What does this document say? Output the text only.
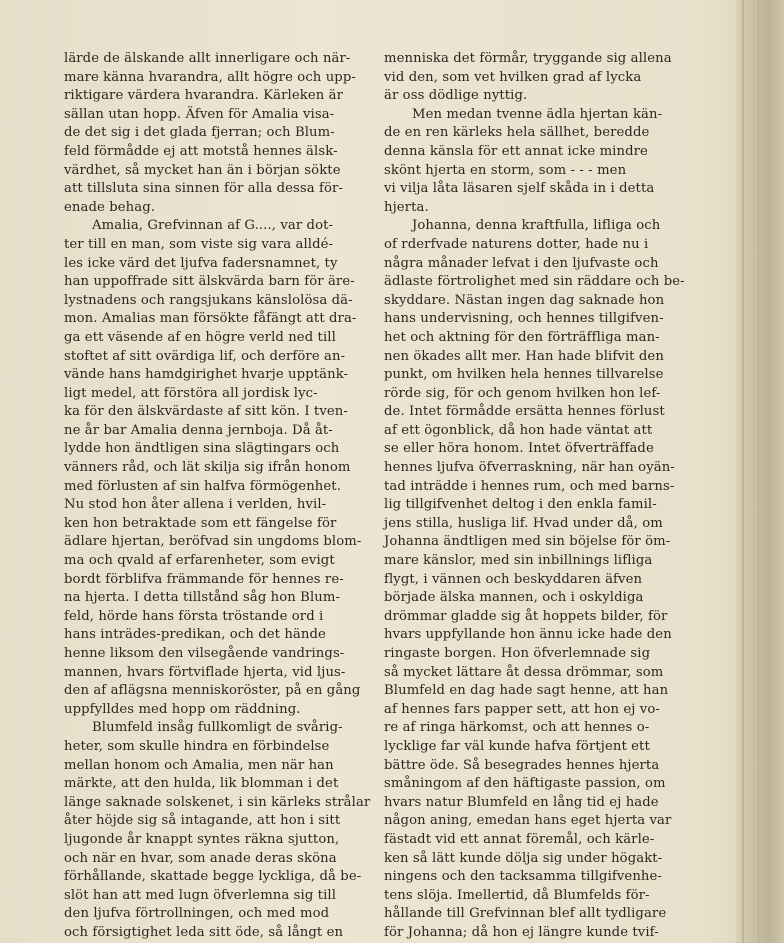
lärde de älskande allt innerligare och när-
mare känna hvarandra, allt högre och upp-
riktigare värdera hvarandra. Kärleken är
sällan utan hopp. Äfven för Amalia visa-
de det sig i det glada fjerran; och Blum-
feld förmådde ej att motstå hennes älsk-
värdhet, så mycket han än i början sökte
att tillsluta sina sinnen för alla dessa för-
enade behag.
Amalia, Grefvinnan af G...., var dot-
ter till en man, som viste sig vara alldé-
les icke värd det ljufva fadersnamnet, ty
han uppoffrade sitt älskvärda barn för äre-
lystnadens och rangsjukans känslolösa dä-
mon. Amalias man försökte fåfängt att dra-
ga ett väsende af en högre verld ned till
stoftet af sitt ovärdiga lif, och derföre an-
vände hans hamdgirighet hvarje upptänk-
ligt medel, att förstöra all jordisk lyc-
ka för den älskvärdaste af sitt kön. I tven-
ne år bar Amalia denna jernboja. Då åt-
lydde hon ändtligen sina slägtingars och
vänners råd, och lät skilja sig ifrån honom
med förlusten af sin halfva förmögenhet.
Nu stod hon åter allena i verlden, hvil-
ken hon betraktade som ett fängelse för
ädlare hjertan, beröfvad sin ungdoms blom-
ma och qvald af erfarenheter, som evigt
bordt förblifva främmande för hennes re-
na hjerta. I detta tillstånd såg hon Blum-
feld, hörde hans första tröstande ord i
hans inträdes-predikan, och det hände
henne liksom den vilsegående vandrings-
mannen, hvars förtviflade hjerta, vid ljus-
den af aflägsna menniskoröster, på en gång
uppfylldes med hopp om räddning.
Blumfeld insåg fullkomligt de svårig-
heter, som skulle hindra en förbindelse
mellan honom och Amalia, men när han
märkte, att den hulda, lik blomman i det
länge saknade solskenet, i sin kärleks strålar
åter höjde sig så intagande, att hon i sitt
ljugonde år knappt syntes räkna sjutton,
och när en hvar, som anade deras sköna
förhållande, skattade begge lyckliga, då be-
slöt han att med lugn öfverlemna sig till
den ljufva förtrollningen, och med mod
och försigtighet leda sitt öde, så långt en
menniska det förmår, tryggande sig allena
vid den, som vet hvilken grad af lycka
är oss dödlige nyttig.
Men medan tvenne ädla hjertan kän-
de en ren kärleks hela sällhet, beredde
denna känsla för ett annat icke mindre
skönt hjerta en storm, som - - - men
vi vilja låta läsaren sjelf skåda in i detta
hjerta.
Johanna, denna kraftfulla, lifliga och
of rderfvade naturens dotter, hade nu i
några månader lefvat i den ljufvaste och
ädlaste förtrolighet med sin räddare och be-
skyddare. Nästan ingen dag saknade hon
hans undervisning, och hennes tillgifven-
het och aktning för den förträffliga man-
nen ökades allt mer. Han hade blifvit den
punkt, om hvilken hela hennes tillvarelse
rörde sig, för och genom hvilken hon lef-
de. Intet förmådde ersätta hennes förlust
af ett ögonblick, då hon hade väntat att
se eller höra honom. Intet öfverträffade
hennes ljufva öfverraskning, när han oyän-
tad inträdde i hennes rum, och med barns-
lig tillgifvenhet deltog i den enkla famil-
jens stilla, husliga lif. Hvad under då, om
Johanna ändtligen med sin böjelse för öm-
mare känslor, med sin inbillnings lifliga
flygt, i vännen och beskyddaren äfven
började älska mannen, och i oskyldiga
drömmar gladde sig åt hoppets bilder, för
hvars uppfyllande hon ännu icke hade den
ringaste borgen. Hon öfverlemnade sig
så mycket lättare åt dessa drömmar, som
Blumfeld en dag hade sagt henne, att han
af hennes fars papper sett, att hon ej vo-
re af ringa härkomst, och att hennes o-
lycklige far väl kunde hafva förtjent ett
bättre öde. Så besegrades hennes hjerta
småningom af den häftigaste passion, om
hvars natur Blumfeld en lång tid ej hade
någon aning, emedan hans eget hjerta var
fästadt vid ett annat föremål, och kärle-
ken så lätt kunde dölja sig under högakt-
ningens och den tacksamma tillgifvenhe-
tens slöja. Imellertid, då Blumfelds för-
hållande till Grefvinnan blef allt tydligare
för Johanna; då hon ej längre kunde tvif-
